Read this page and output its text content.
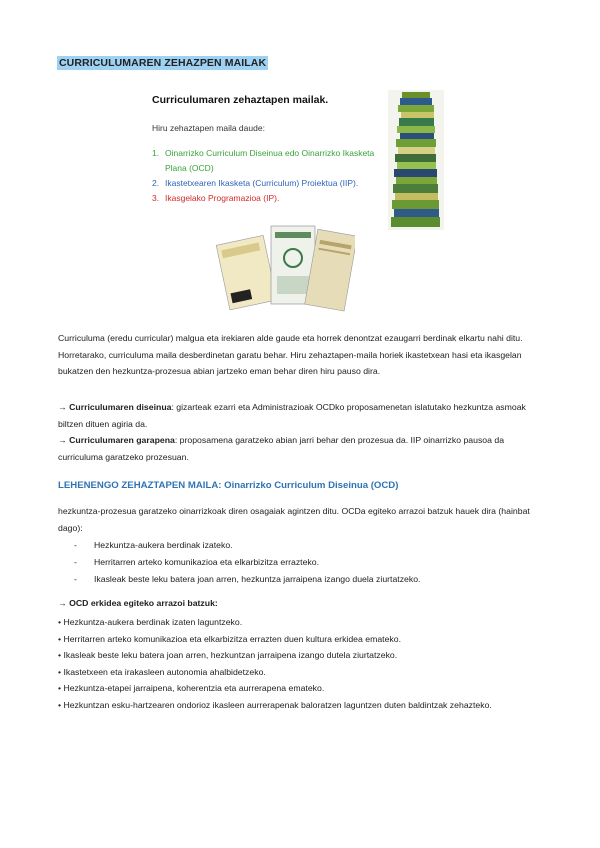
CURRICULUMAREN ZEHAZPEN MAILAK
Curriculumaren zehaztapen mailak.
Hiru zehaztapen maila daude:
1. Oinarrizko Curriculum Diseinua edo Oinarrizko Ikasketa Plana (OCD)
2. Ikastetxearen Ikasketa (Curriculum) Proiektua (IIP).
3. Ikasgelako Programazioa (IP).
Curriculuma (eredu curricular) malgua eta irekiaren alde gaude eta horrek denontzat ezaugarri berdinak elkartu nahi ditu. Horretarako, curriculuma maila desberdinetan garatu behar. Hiru zehaztapen-maila horiek ikastetxean hasi eta ikasgelan bukatzen den hezkuntza-prozesua abian jartzeko eman behar diren hiru pauso dira.
→ Curriculumaren diseinua: gizarteak ezarri eta Administrazioak OCDko proposamenetan islatutako hezkuntza asmoak biltzen dituen agiria da.
→ Curriculumaren garapena: proposamena garatzeko abian jarri behar den prozesua da. IIP oinarrizko pausoa da curriculuma garatzeko prozesuan.
LEHENENGO ZEHAZTAPEN MAILA: Oinarrizko Curriculum Diseinua (OCD)
hezkuntza-prozesua garatzeko oinarrizkoak diren osagaiak agintzen ditu. OCDa egiteko arrazoi batzuk hauek dira (hainbat dago):
-	Hezkuntza-aukera berdinak izateko.
-	Herritarren arteko komunikazioa eta elkarbizitza errazteko.
-	Ikasleak beste leku batera joan arren, hezkuntza jarraipena izango duela ziurtatzeko.
→ OCD erkidea egiteko arrazoi batzuk:
• Hezkuntza-aukera berdinak izaten laguntzeko.
• Herritarren arteko komunikazioa eta elkarbizitza errazten duen kultura erkidea emateko.
• Ikasleak beste leku batera joan arren, hezkuntzan jarraipena izango dutela ziurtatzeko.
• Ikastetxeen eta irakasleen autonomia ahalbidetzeko.
• Hezkuntza-etapei jarraipena, koherentzia eta aurrerapena emateko.
• Hezkuntzan esku-hartzearen ondorioz ikasleen aurrerapenak baloratzen laguntzen duten baldintzak zehazteko.
